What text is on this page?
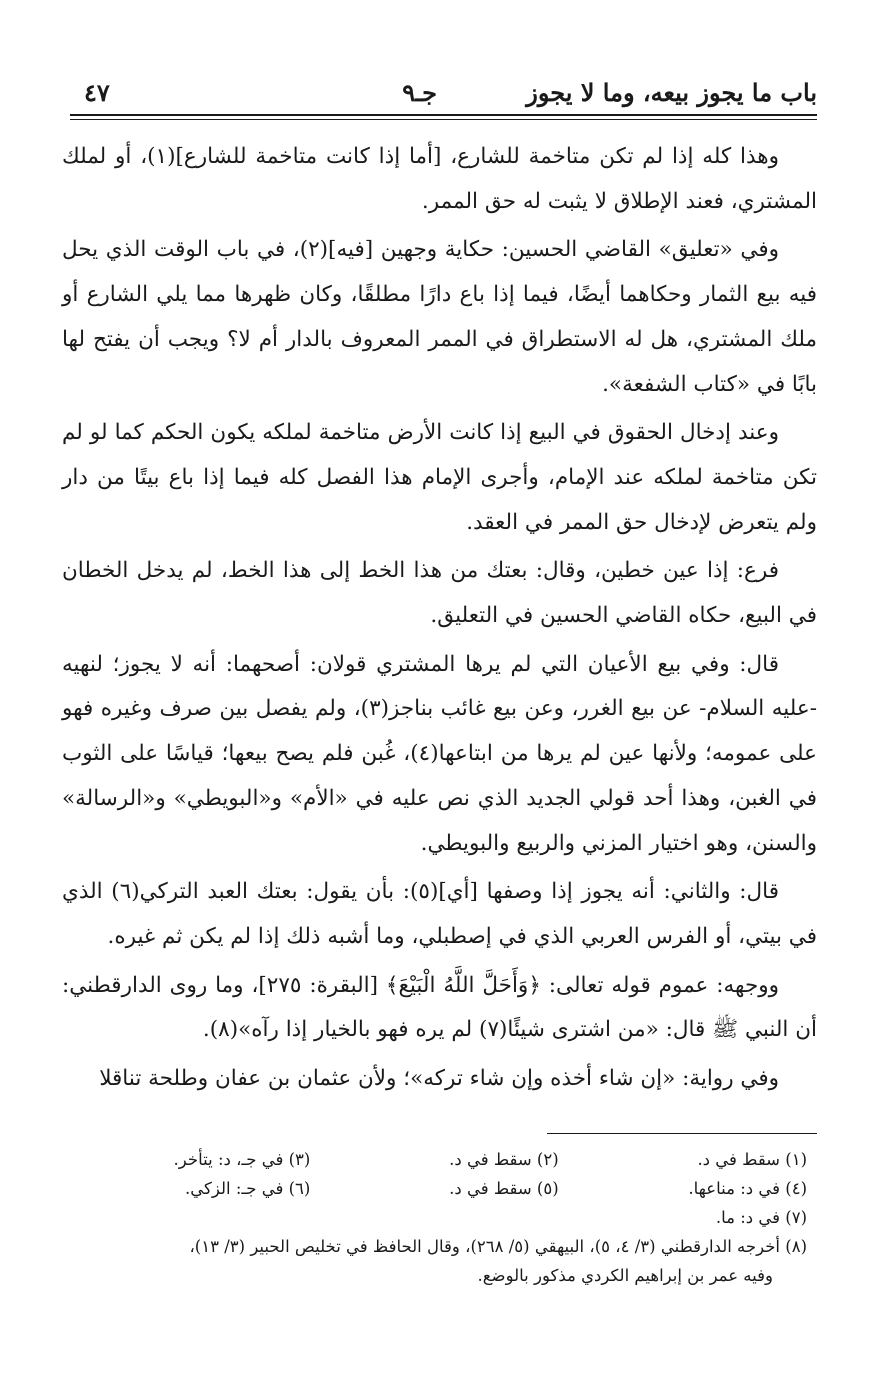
باب ما يجوز بيعه، وما لا يجوز
جـ٩
٤٧

وهذا كله إذا لم تكن متاخمة للشارع، [أما إذا كانت متاخمة للشارع](١)، أو لملك المشتري، فعند الإطلاق لا يثبت له حق الممر.

وفي «تعليق» القاضي الحسين: حكاية وجهين [فيه](٢)، في باب الوقت الذي يحل فيه بيع الثمار وحكاهما أيضًا، فيما إذا باع دارًا مطلقًا، وكان ظهرها مما يلي الشارع أو ملك المشتري، هل له الاستطراق في الممر المعروف بالدار أم لا؟ ويجب أن يفتح لها بابًا في «كتاب الشفعة».

وعند إدخال الحقوق في البيع إذا كانت الأرض متاخمة لملكه يكون الحكم كما لو لم تكن متاخمة لملكه عند الإمام، وأجرى الإمام هذا الفصل كله فيما إذا باع بيتًا من دار ولم يتعرض لإدخال حق الممر في العقد.

فرع: إذا عين خطين، وقال: بعتك من هذا الخط إلى هذا الخط، لم يدخل الخطان في البيع، حكاه القاضي الحسين في التعليق.

قال: وفي بيع الأعيان التي لم يرها المشتري قولان: أصحهما: أنه لا يجوز؛ لنهيه -عليه السلام- عن بيع الغرر، وعن بيع غائب بناجز(٣)، ولم يفصل بين صرف وغيره فهو على عمومه؛ ولأنها عين لم يرها من ابتاعها(٤)، غُبن فلم يصح بيعها؛ قياسًا على الثوب في الغبن، وهذا أحد قولي الجديد الذي نص عليه في «الأم» و«البويطي» و«الرسالة» والسنن، وهو اختيار المزني والربيع والبويطي.

قال: والثاني: أنه يجوز إذا وصفها [أي](٥): بأن يقول: بعتك العبد التركي(٦) الذي في بيتي، أو الفرس العربي الذي في إصطبلي، وما أشبه ذلك إذا لم يكن ثم غيره.

ووجهه: عموم قوله تعالى: ﴿وَأَحَلَّ اللَّهُ الْبَيْعَ﴾ [البقرة: ٢٧٥]، وما روى الدارقطني: أن النبي ﷺ قال: «من اشترى شيئًا(٧) لم يره فهو بالخيار إذا رآه»(٨).

وفي رواية: «إن شاء أخذه وإن شاء تركه»؛ ولأن عثمان بن عفان وطلحة تناقلا

(١) سقط في د.
(٢) سقط في د.
(٣) في جـ، د: يتأخر.
(٤) في د: مناعها.
(٥) سقط في د.
(٦) في جـ: الزكي.
(٧) في د: ما.
(٨) أخرجه الدارقطني (٣/ ٤، ٥)، البيهقي (٥/ ٢٦٨)، وقال الحافظ في تخليص الحبير (٣/ ١٣)،
وفيه عمر بن إبراهيم الكردي مذكور بالوضع.
